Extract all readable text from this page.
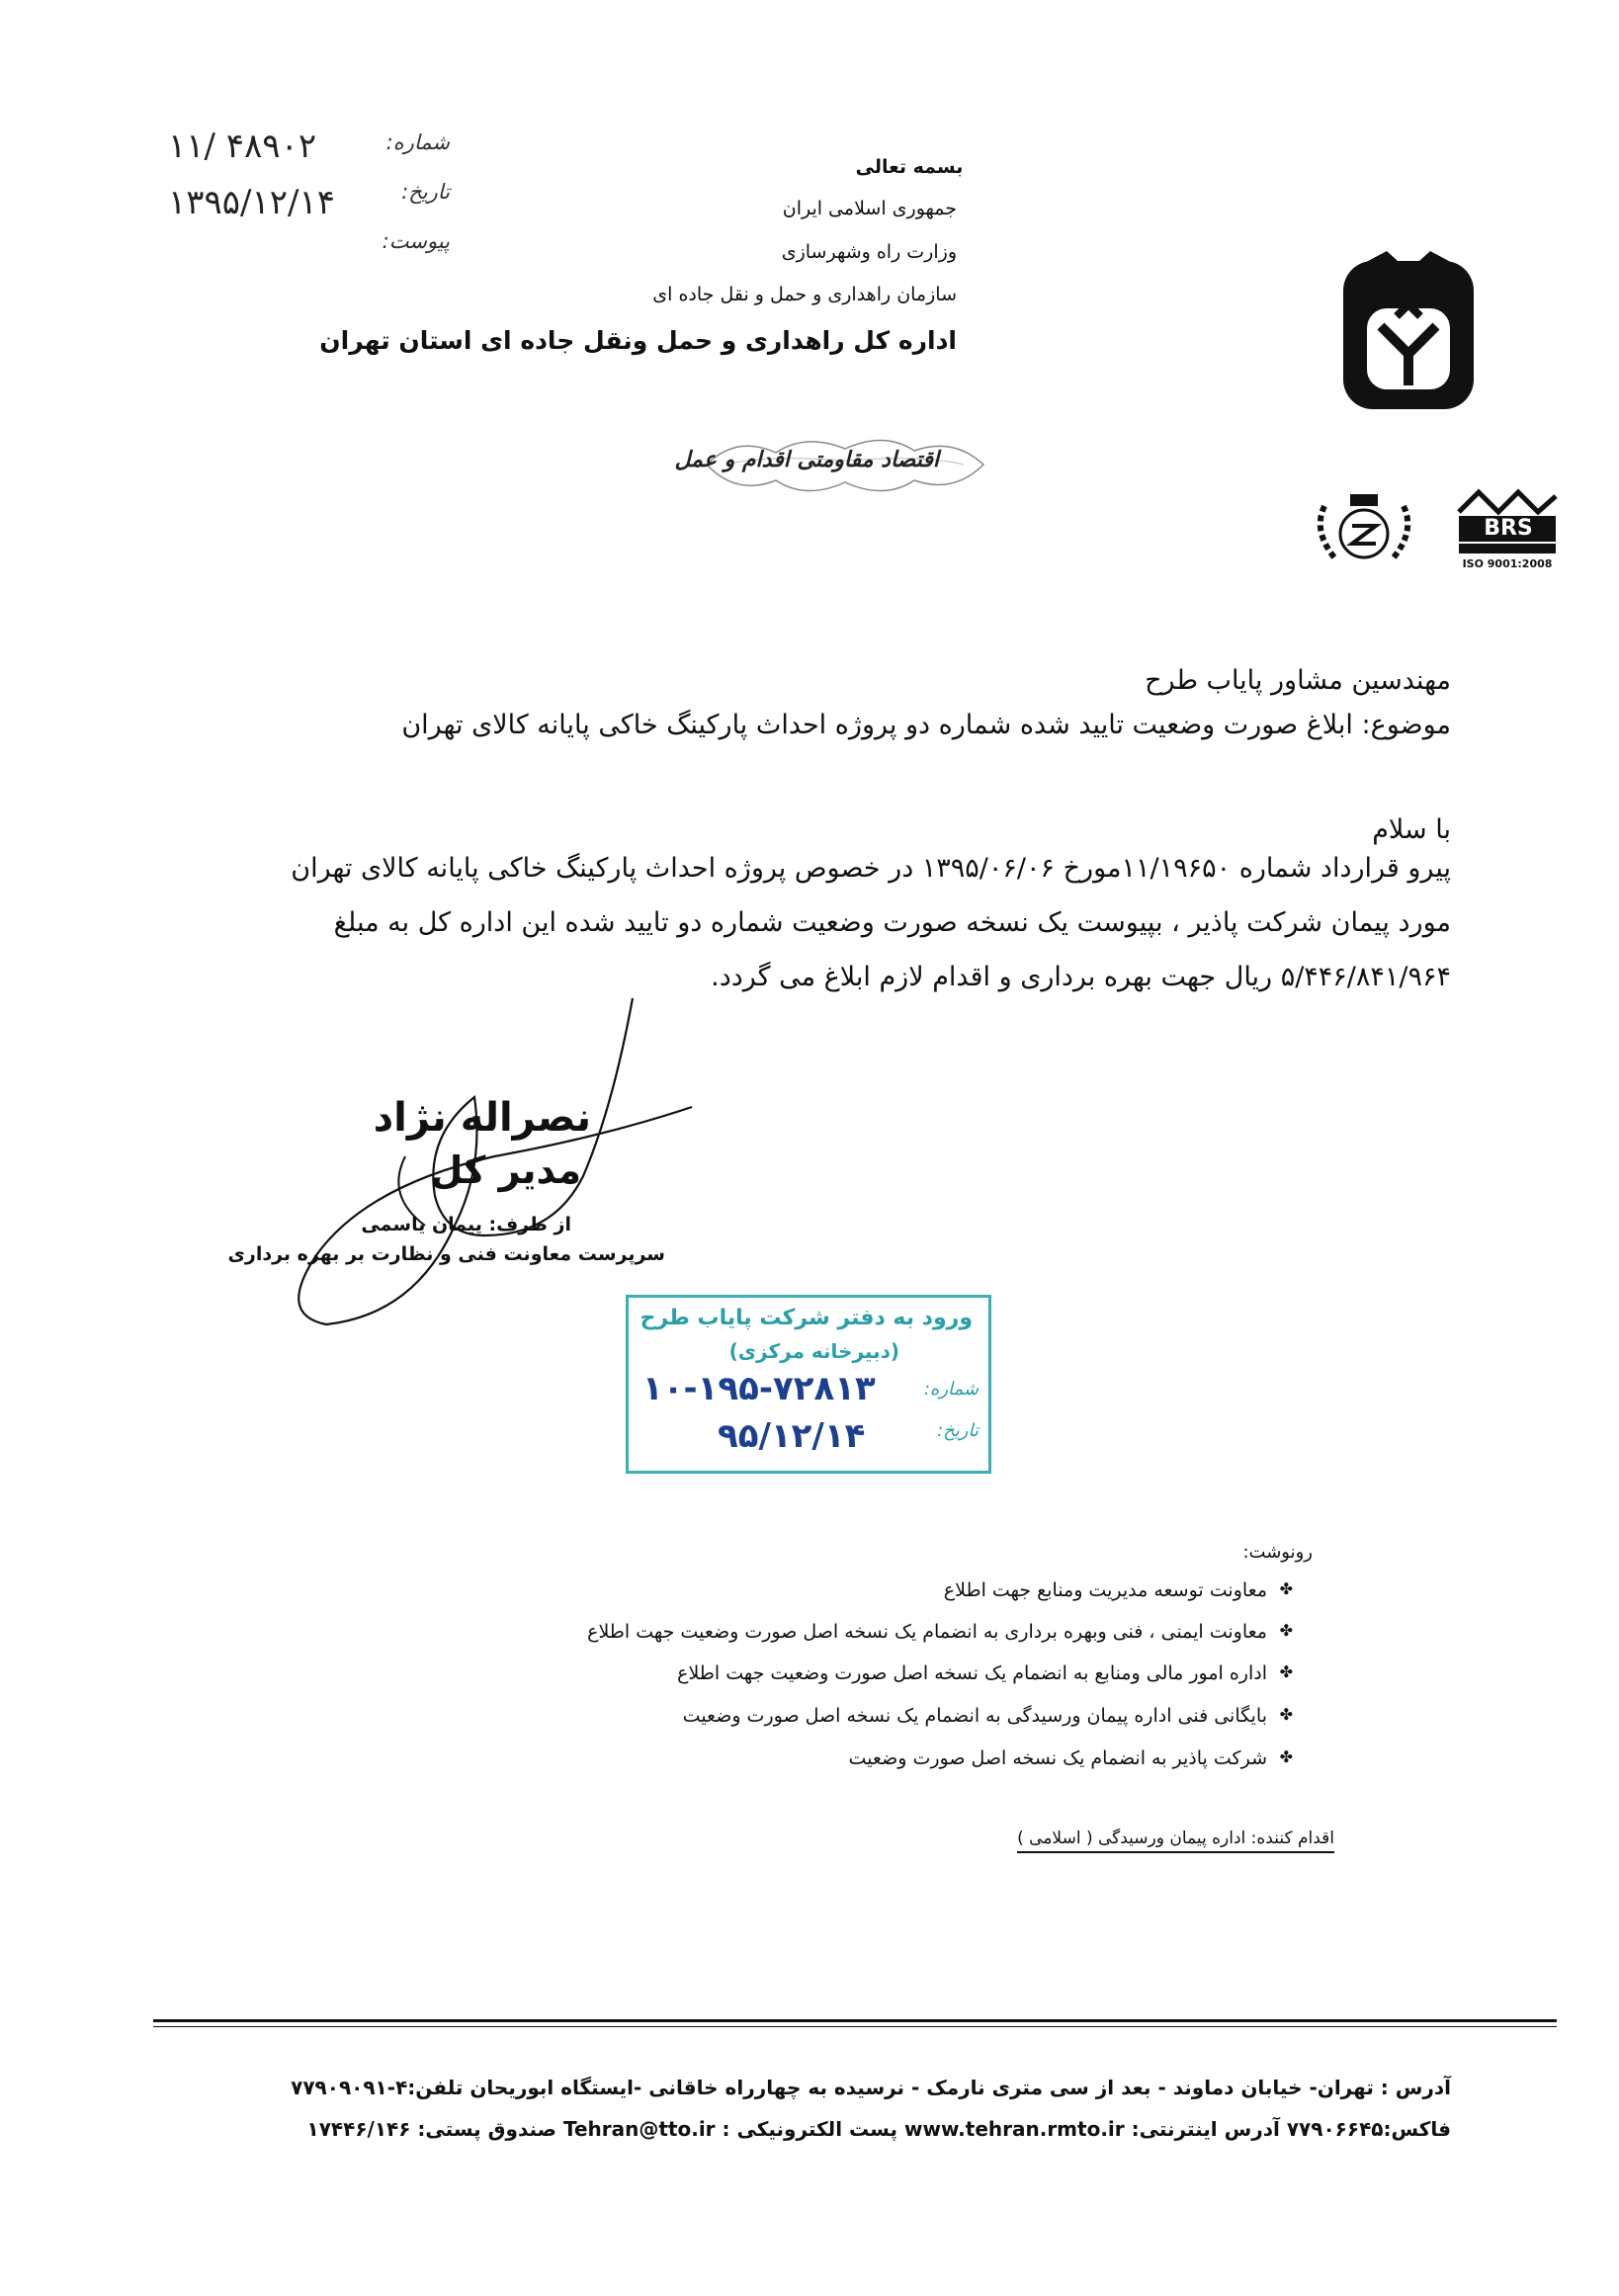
شماره:
تاریخ:
پیوست:
۱۱/ ۴۸۹۰۲
۱۳۹۵/۱۲/۱۴
بسمه تعالی
جمهوری اسلامی ایران
وزارت راه وشهرسازی
سازمان راهداری و حمل و نقل جاده ای
اداره کل راهداری و حمل ونقل جاده ای استان تهران
اقتصاد مقاومتی اقدام و عمل
BRS
ISO 9001:2008
مهندسین مشاور پایاب طرح
موضوع: ابلاغ صورت وضعیت تایید شده شماره دو پروژه احداث پارکینگ خاکی پایانه کالای تهران
با سلام
پیرو قرارداد شماره ۱۱/۱۹۶۵۰مورخ ۱۳۹۵/۰۶/۰۶ در خصوص پروژه احداث پارکینگ خاکی پایانه کالای تهران
مورد پیمان شرکت پاذیر ، بپیوست یک نسخه صورت وضعیت شماره دو تایید شده این اداره کل به مبلغ
۵/۴۴۶/۸۴۱/۹۶۴ ریال جهت بهره برداری و اقدام لازم ابلاغ می گردد.
نصراله نژاد
مدیر کل
از طرف: پیمان یاسمی
سرپرست معاونت فنی و نظارت بر بهره برداری
ورود به دفتر شرکت پایاب طرح
(دبیرخانه مرکزی)
شماره:
۱۰-۱۹۵-۷۲۸۱۳
تاریخ:
۹۵/۱۲/۱۴
رونوشت:
✤
معاونت توسعه مدیریت ومنابع جهت اطلاع
✤
معاونت ایمنی ، فنی وبهره برداری به انضمام یک نسخه اصل صورت وضعیت جهت اطلاع
✤
اداره امور مالی ومنابع به انضمام یک نسخه اصل صورت وضعیت جهت اطلاع
✤
بایگانی فنی اداره پیمان ورسیدگی به انضمام یک نسخه اصل صورت وضعیت
✤
شرکت پاذیر به انضمام یک نسخه اصل صورت وضعیت
اقدام کننده: اداره پیمان ورسیدگی ( اسلامی )
آدرس : تهران- خیابان دماوند - بعد از سی متری نارمک - نرسیده به چهارراه خاقانی -ایستگاه ابوریحان تلفن:۴-۷۷۹۰۹۰۹۱
فاکس:۷۷۹۰۶۶۴۵ آدرس اینترنتی: www.tehran.rmto.ir پست الکترونیکی : Tehran@tto.ir صندوق پستی: ۱۷۴۴۶/۱۴۶
